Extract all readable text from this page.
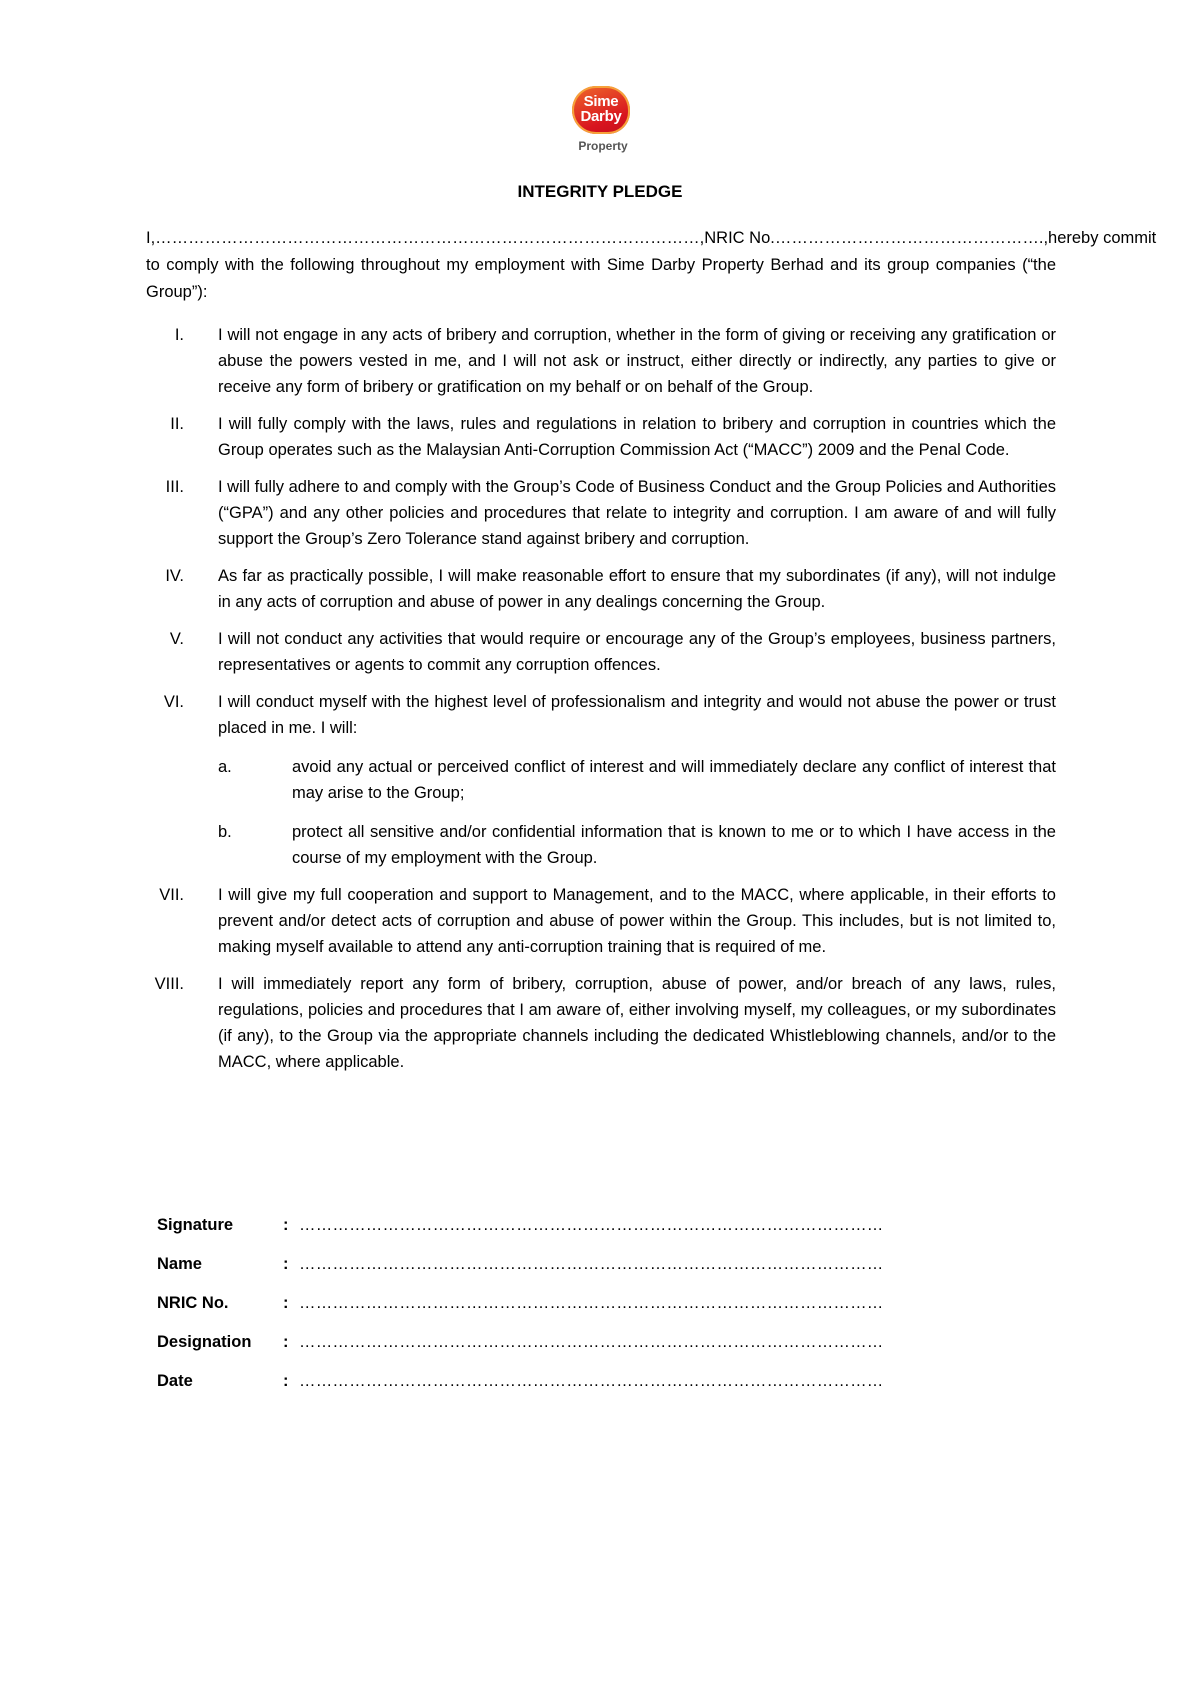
Sime
Darby
Property
INTEGRITY PLEDGE
I, ………………………………………………………………………………………, NRIC No. …………………………………………., hereby commit
to comply with the following throughout my employment with Sime Darby Property Berhad and its group companies (“the Group”):
I. I will not engage in any acts of bribery and corruption, whether in the form of giving or receiving any gratification or abuse the powers vested in me, and I will not ask or instruct, either directly or indirectly, any parties to give or receive any form of bribery or gratification on my behalf or on behalf of the Group.
II. I will fully comply with the laws, rules and regulations in relation to bribery and corruption in countries which the Group operates such as the Malaysian Anti-Corruption Commission Act (“MACC”) 2009 and the Penal Code.
III. I will fully adhere to and comply with the Group’s Code of Business Conduct and the Group Policies and Authorities (“GPA”) and any other policies and procedures that relate to integrity and corruption. I am aware of and will fully support the Group’s Zero Tolerance stand against bribery and corruption.
IV. As far as practically possible, I will make reasonable effort to ensure that my subordinates (if any), will not indulge in any acts of corruption and abuse of power in any dealings concerning the Group.
V. I will not conduct any activities that would require or encourage any of the Group’s employees, business partners, representatives or agents to commit any corruption offences.
VI. I will conduct myself with the highest level of professionalism and integrity and would not abuse the power or trust placed in me. I will:
a.	avoid any actual or perceived conflict of interest and will immediately declare any conflict of interest that may arise to the Group;
b.	protect all sensitive and/or confidential information that is known to me or to which I have access in the course of my employment with the Group.
VII. I will give my full cooperation and support to Management, and to the MACC, where applicable, in their efforts to prevent and/or detect acts of corruption and abuse of power within the Group. This includes, but is not limited to, making myself available to attend any anti-corruption training that is required of me.
VIII. I will immediately report any form of bribery, corruption, abuse of power, and/or breach of any laws, rules, regulations, policies and procedures that I am aware of, either involving myself, my colleagues, or my subordinates (if any), to the Group via the appropriate channels including the dedicated Whistleblowing channels, and/or to the MACC, where applicable.
Signature	: ……………………………………………………………………………………………
Name	: ……………………………………………………………………………………………
NRIC No.	: ……………………………………………………………………………………………
Designation	: ……………………………………………………………………………………………
Date	: ……………………………………………………………………………………………
